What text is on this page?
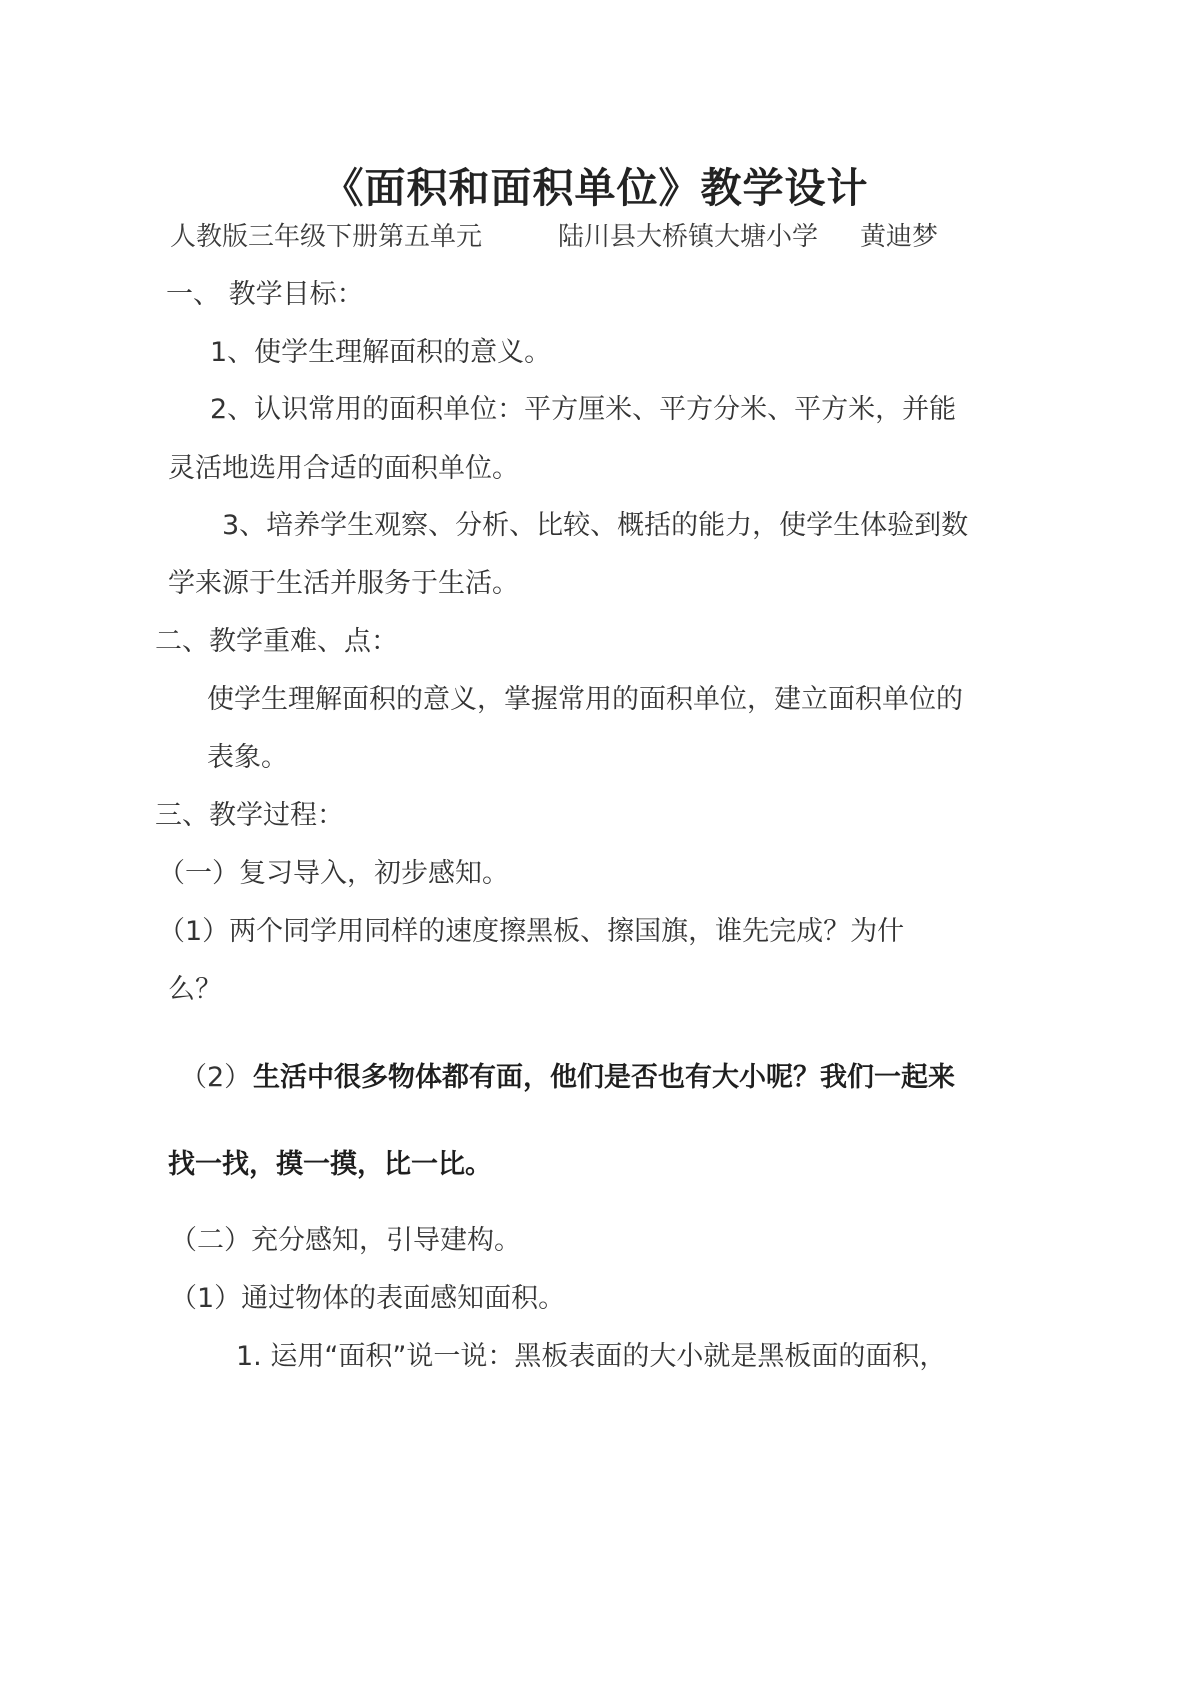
《面积和面积单位》教学设计
人教版三年级下册第五单元	陆川县大桥镇大塘小学 黄迪梦
一、 教学目标：
1、使学生理解面积的意义。
2、认识常用的面积单位：平方厘米、平方分米、平方米，并能
灵活地选用合适的面积单位。
3、培养学生观察、分析、比较、概括的能力，使学生体验到数
学来源于生活并服务于生活。
二、教学重难、点：
使学生理解面积的意义，掌握常用的面积单位，建立面积单位的
表象。
三、教学过程：
（一）复习导入，初步感知。
（1）两个同学用同样的速度擦黑板、擦国旗，谁先完成？为什
么？
（2） 生活中很多物体都有面，他们是否也有大小呢？我们一起来
找一找，摸一摸，比一比。
（二）充分感知，引导建构。
（1）通过物体的表面感知面积。
1. 运用“面积”说一说：黑板表面的大小就是黑板面的面积，
